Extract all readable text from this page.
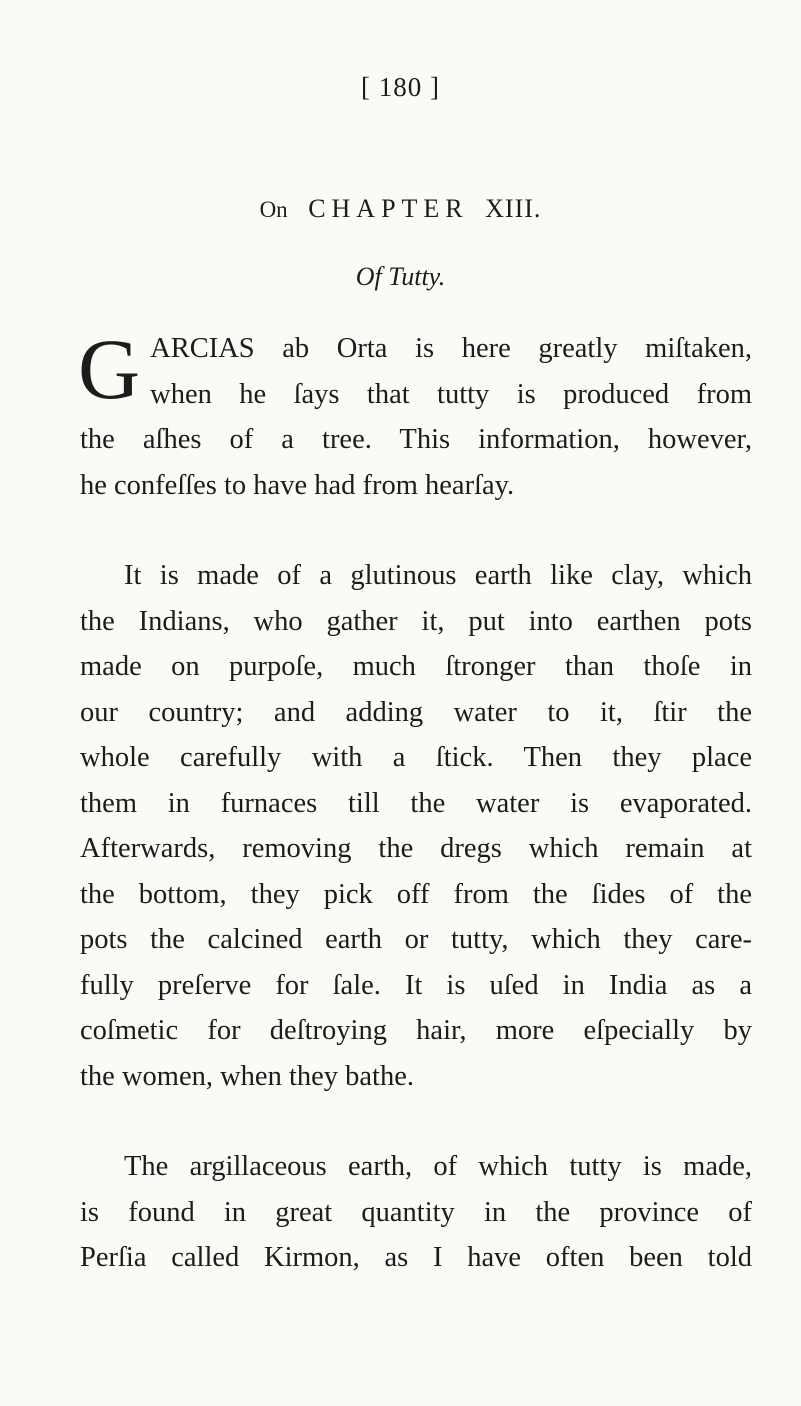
[ 180 ]
On CHAPTER XIII.
Of Tutty.
G ARCIAS ab Orta is here greatly miſtaken,
when he ſays that tutty is produced from
the aſhes of a tree. This information, however,
he confeſſes to have had from hearſay.
It is made of a glutinous earth like clay, which
the Indians, who gather it, put into earthen pots
made on purpoſe, much ſtronger than thoſe in
our country; and adding water to it, ſtir the
whole carefully with a ſtick. Then they place
them in furnaces till the water is evaporated.
Afterwards, removing the dregs which remain at
the bottom, they pick off from the ſides of the
pots the calcined earth or tutty, which they care-
fully preſerve for ſale. It is uſed in India as a
coſmetic for deſtroying hair, more eſpecially by
the women, when they bathe.
The argillaceous earth, of which tutty is made,
is found in great quantity in the province of
Perſia called Kirmon, as I have often been told
